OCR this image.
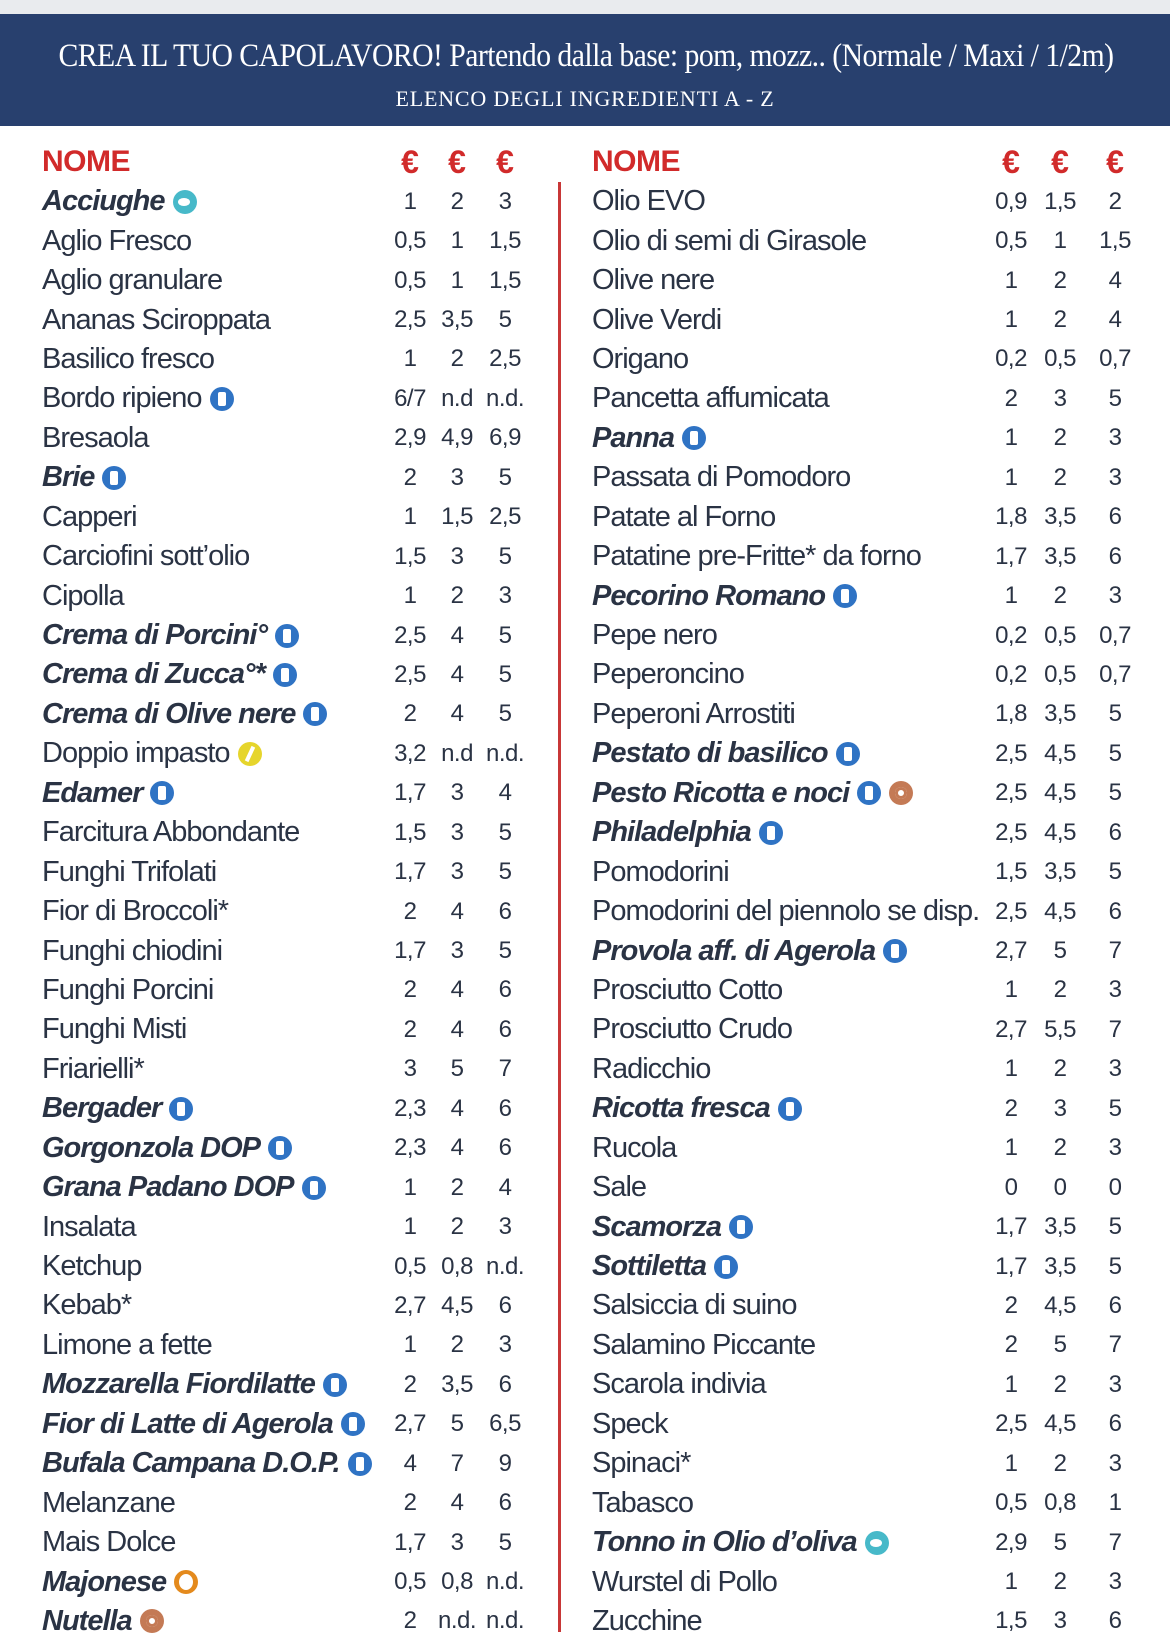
CREA IL TUO CAPOLAVORO! Partendo dalla base: pom, mozz.. (Normale / Maxi / 1/2m)
ELENCO DEGLI INGREDIENTI A - Z
NOME	€ € €
Acciughe	1	2	3
Aglio Fresco	0,5	1	1,5
Aglio granulare	0,5	1	1,5
Ananas Sciroppata	2,5 3,5	5
Basilico fresco	1	2	2,5
Bordo ripieno	6/7 n.d n.d.
Bresaola	2,9 4,9 6,9
Brie	2	3	5
Capperi	1	1,5 2,5
Carciofini sott’olio	1,5	3	5
Cipolla	1	2	3
Crema di Porcini°	2,5	4	5
Crema di Zucca°*	2,5	4	5
Crema di Olive nere	2	4	5
Doppio impasto	3,2 n.d n.d.
Edamer	1,7	3	4
Farcitura Abbondante	1,5	3	5
Funghi Trifolati	1,7	3	5
Fior di Broccoli*	2	4	6
Funghi chiodini	1,7	3	5
Funghi Porcini	2	4	6
Funghi Misti	2	4	6
Friarielli*	3	5	7
Bergader	2,3	4	6
Gorgonzola DOP	2,3	4	6
Grana Padano DOP	1	2	4
Insalata	1	2	3
Ketchup	0,5 0,8 n.d.
Kebab*	2,7 4,5	6
Limone a fette	1	2	3
Mozzarella Fiordilatte	2	3,5	6
Fior di Latte di Agerola	2,7	5	6,5
Bufala Campana D.O.P.	4	7	9
Melanzane	2	4	6
Mais Dolce	1,7	3	5
Majonese	0,5 0,8 n.d.
Nutella	2 n.d. n.d.
NOME	€ €	€
Olio EVO	0,9 1,5	2
Olio di semi di Girasole	0,5	1	1,5
Olive nere	1	2	4
Olive Verdi	1	2	4
Origano	0,2 0,5 0,7
Pancetta affumicata	2	3	5
Panna	1	2	3
Passata di Pomodoro	1	2	3
Patate al Forno	1,8 3,5	6
Patatine pre-Fritte* da forno	1,7 3,5	6
Pecorino Romano	1	2	3
Pepe nero	0,2 0,5 0,7
Peperoncino	0,2 0,5 0,7
Peperoni Arrostiti	1,8 3,5	5
Pestato di basilico	2,5 4,5	5
Pesto Ricotta e noci	2,5 4,5	5
Philadelphia	2,5 4,5	6
Pomodorini	1,5 3,5	5
Pomodorini del piennolo se disp. 2,5 4,5	6
Provola aff. di Agerola	2,7	5	7
Prosciutto Cotto	1	2	3
Prosciutto Crudo	2,7 5,5	7
Radicchio	1	2	3
Ricotta fresca	2	3	5
Rucola	1	2	3
Sale	0	0	0
Scamorza	1,7 3,5	5
Sottiletta	1,7 3,5	5
Salsiccia di suino	2	4,5	6
Salamino Piccante	2	5	7
Scarola indivia	1	2	3
Speck	2,5 4,5	6
Spinaci*	1	2	3
Tabasco	0,5 0,8	1
Tonno in Olio d’oliva	2,9	5	7
Wurstel di Pollo	1	2	3
Zucchine	1,5	3	6
